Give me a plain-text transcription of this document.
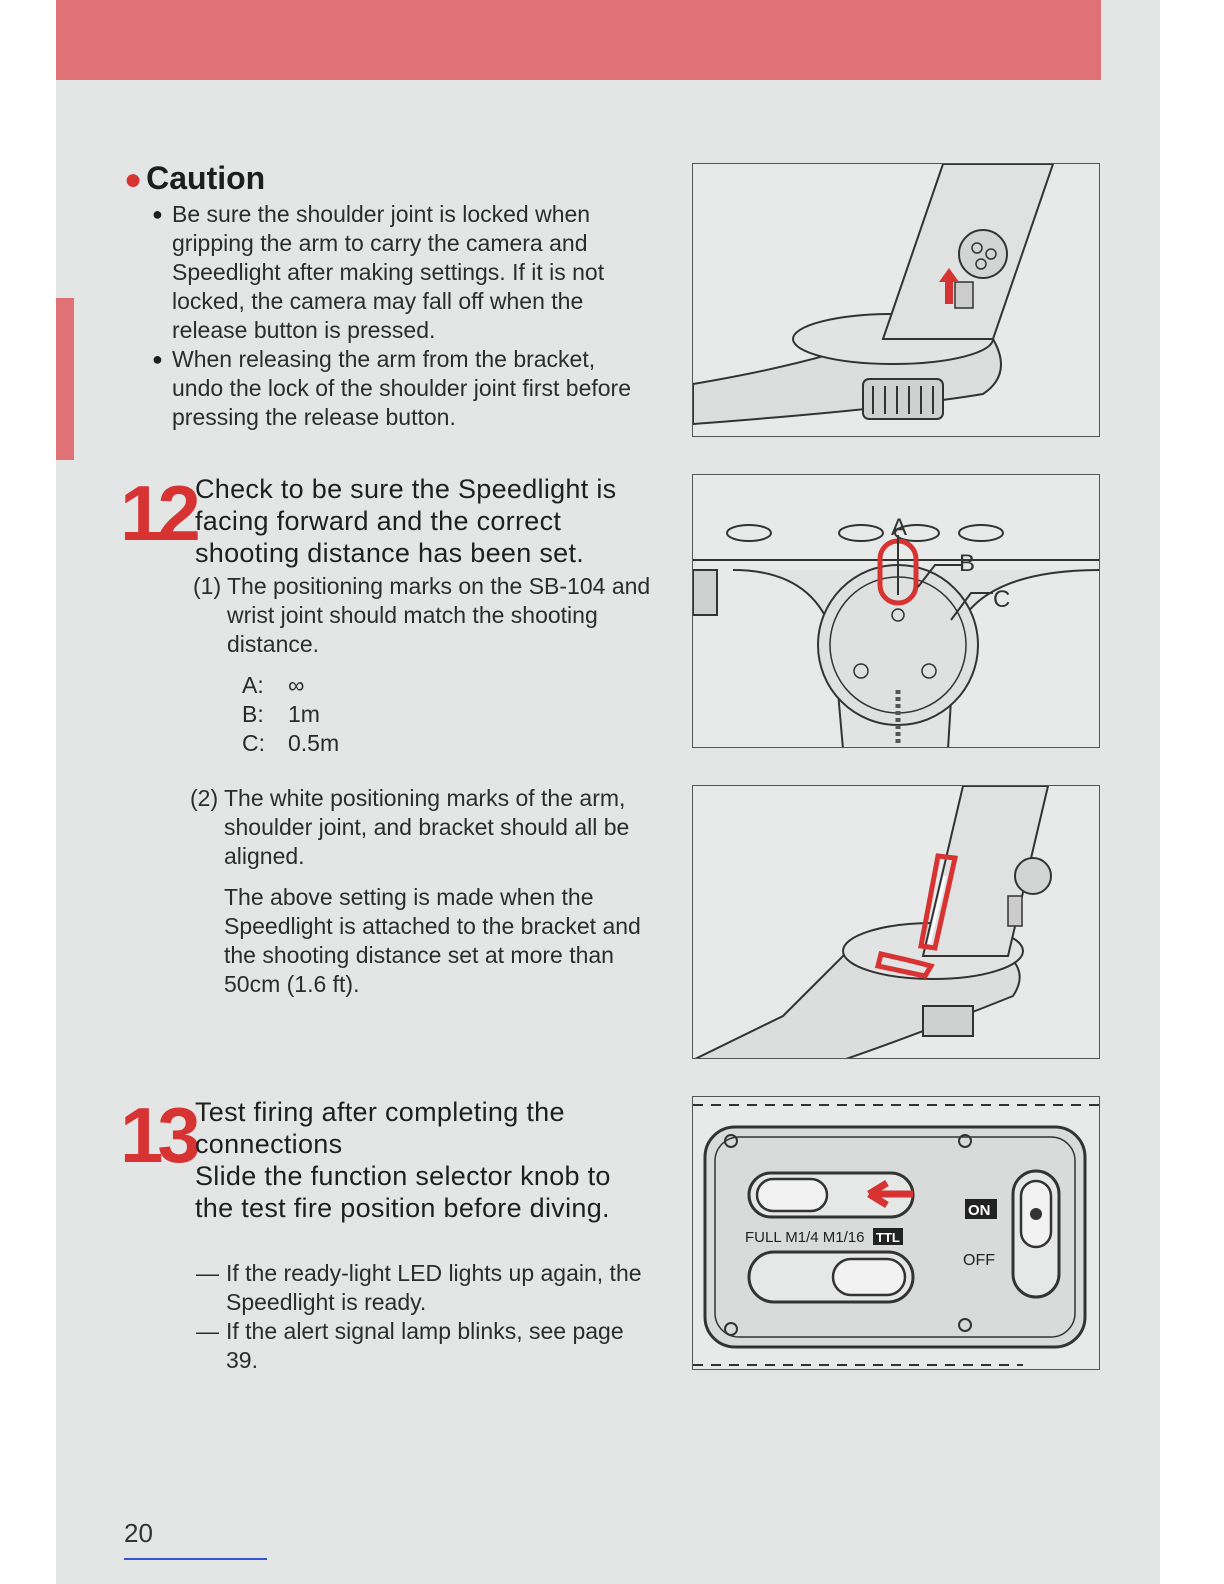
● Caution

● Be sure the shoulder joint is locked when gripping the arm to carry the camera and Speedlight after making settings. If it is not locked, the camera may fall off when the release button is pressed.

● When releasing the arm from the bracket, undo the lock of the shoulder joint first before pressing the release button.

12 Check to be sure the Speedlight is facing forward and the correct shooting distance has been set.

(1) The positioning marks on the SB-104 and wrist joint should match the shooting distance.

A:	∞
B:	1m
C:	0.5m

(2) The white positioning marks of the arm, shoulder joint, and bracket should all be aligned.

The above setting is made when the Speedlight is attached to the bracket and the shooting distance set at more than 50cm (1.6 ft).
13 Test firing after completing the connections
Slide the function selector knob to the test fire position before diving.

— If the ready-light LED lights up again, the Speedlight is ready.

— If the alert signal lamp blinks, see page 39.

A
B
C
FULL M1/4 M1/16 TTL
ON
OFF
20
